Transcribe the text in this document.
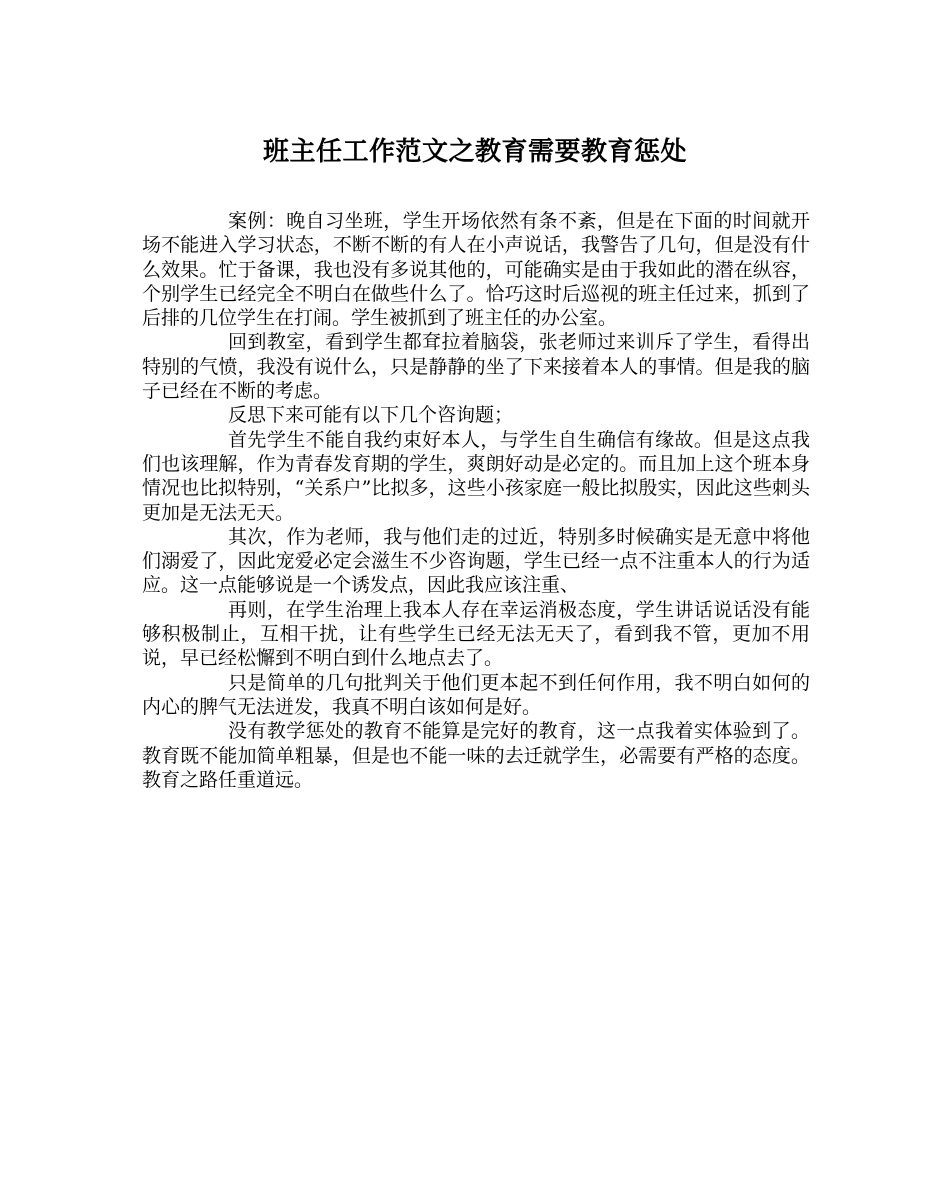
班主任工作范文之教育需要教育惩处

案例：晚自习坐班，学生开场依然有条不紊，但是在下面的时间就开场不能进入学习状态，不断不断的有人在小声说话，我警告了几句，但是没有什么效果。忙于备课，我也没有多说其他的，可能确实是由于我如此的潜在纵容，个别学生已经完全不明白在做些什么了。恰巧这时后巡视的班主任过来，抓到了后排的几位学生在打闹。学生被抓到了班主任的办公室。

回到教室，看到学生都耷拉着脑袋，张老师过来训斥了学生，看得出特别的气愤，我没有说什么，只是静静的坐了下来接着本人的事情。但是我的脑子已经在不断的考虑。

反思下来可能有以下几个咨询题；

首先学生不能自我约束好本人，与学生自生确信有缘故。但是这点我们也该理解，作为青春发育期的学生，爽朗好动是必定的。而且加上这个班本身情况也比拟特别，“关系户”比拟多，这些小孩家庭一般比拟殷实，因此这些刺头更加是无法无天。

其次，作为老师，我与他们走的过近，特别多时候确实是无意中将他们溺爱了，因此宠爱必定会滋生不少咨询题，学生已经一点不注重本人的行为适应。这一点能够说是一个诱发点，因此我应该注重、

再则，在学生治理上我本人存在幸运消极态度，学生讲话说话没有能够积极制止，互相干扰，让有些学生已经无法无天了，看到我不管，更加不用说，早已经松懈到不明白到什么地点去了。

只是简单的几句批判关于他们更本起不到任何作用，我不明白如何的内心的脾气无法迸发，我真不明白该如何是好。

没有教学惩处的教育不能算是完好的教育，这一点我着实体验到了。教育既不能加简单粗暴，但是也不能一味的去迁就学生，必需要有严格的态度。教育之路任重道远。
